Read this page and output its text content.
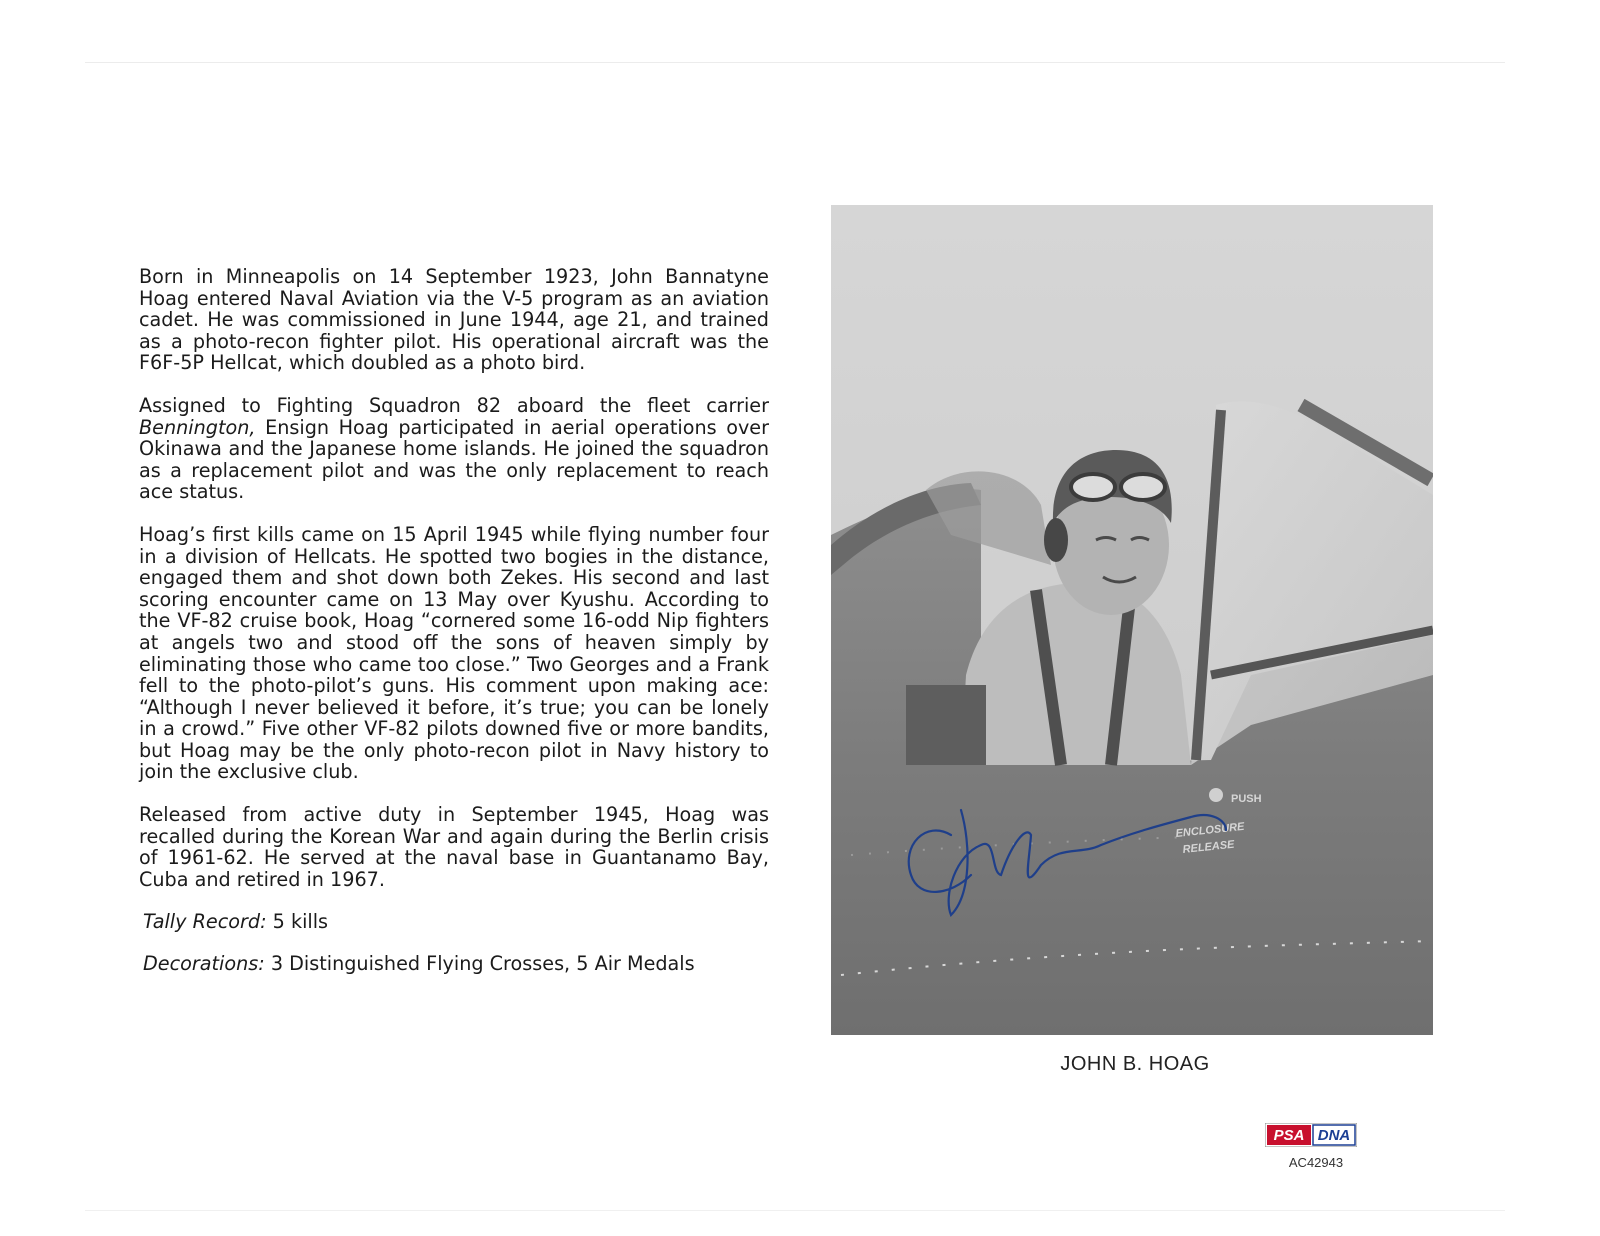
Born in Minneapolis on 14 September 1923, John Bannatyne Hoag entered Naval Aviation via the V-5 program as an aviation cadet. He was commissioned in June 1944, age 21, and trained as a photo-recon fighter pilot. His operational aircraft was the F6F-5P Hellcat, which doubled as a photo bird.

Assigned to Fighting Squadron 82 aboard the fleet carrier Bennington, Ensign Hoag participated in aerial operations over Okinawa and the Japanese home islands. He joined the squadron as a replacement pilot and was the only replacement to reach ace status.

Hoag’s first kills came on 15 April 1945 while flying number four in a division of Hellcats. He spotted two bogies in the distance, engaged them and shot down both Zekes. His second and last scoring encounter came on 13 May over Kyushu. According to the VF-82 cruise book, Hoag “cornered some 16-odd Nip fighters at angels two and stood off the sons of heaven simply by eliminating those who came too close.” Two Georges and a Frank fell to the photo-pilot’s guns. His comment upon making ace: “Although I never believed it before, it’s true; you can be lonely in a crowd.” Five other VF-82 pilots downed five or more bandits, but Hoag may be the only photo-recon pilot in Navy history to join the exclusive club.

Released from active duty in September 1945, Hoag was recalled during the Korean War and again during the Berlin crisis of 1961-62. He served at the naval base in Guantanamo Bay, Cuba and retired in 1967.

Tally Record: 5 kills

Decorations: 3 Distinguished Flying Crosses, 5 Air Medals

PUSH
ENCLOSURE
RELEASE
JOHN B. HOAG
PSA DNA
AC42943
